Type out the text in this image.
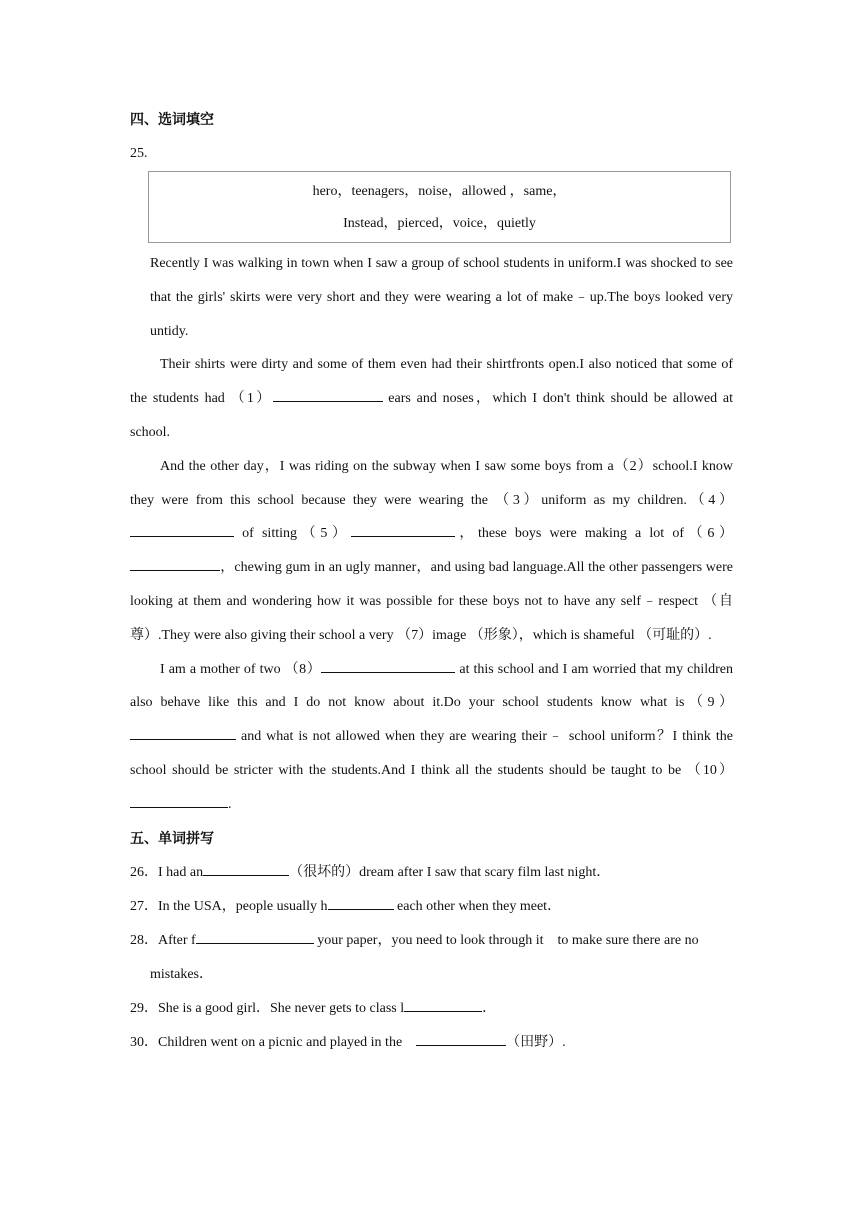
四、选词填空
25.
hero，teenagers，noise，allowed ，same，
Instead，pierced，voice，quietly

Recently I was walking in town when I saw a group of school students in uniform.I was shocked to see that the girls' skirts were very short and they were wearing a lot of make﹣up.The boys looked very untidy.

Their shirts were dirty and some of them even had their shirtfronts open.I also noticed that some of the students had （1）	ears and noses，which I don't think should be allowed at school.

And the other day，I was riding on the subway when I saw some boys from a（2）school.I know they were from this school because they were wearing the （3）uniform as my children.（4） of sitting（5）	，these boys were making a lot of（6），chewing gum in an ugly manner，and using bad language.All the other passengers were looking at them and wondering how it was possible for these boys not to have any self﹣respect （自尊）.They were also giving their school a very （7）image （形象），which is shameful （可耻的）.

I am a mother of two （8）	at this school and I am worried that my children also behave like this and I do not know about it.Do your school students know what is（9） and what is not allowed when they are wearing their﹣ school uniform？I think the school should be stricter with the students.And I think all the students should be taught to be （10）.

五、单词拼写
26．I had an	（很坏的）dream after I saw that scary film last night．
27．In the USA，people usually h	each other when they meet．
28．After f	your paper，you need to look through it　to make sure there are no
mistakes．
29．She is a good girl．She never gets to class l	．
30．Children went on a picnic and played in the　	（田野）.
